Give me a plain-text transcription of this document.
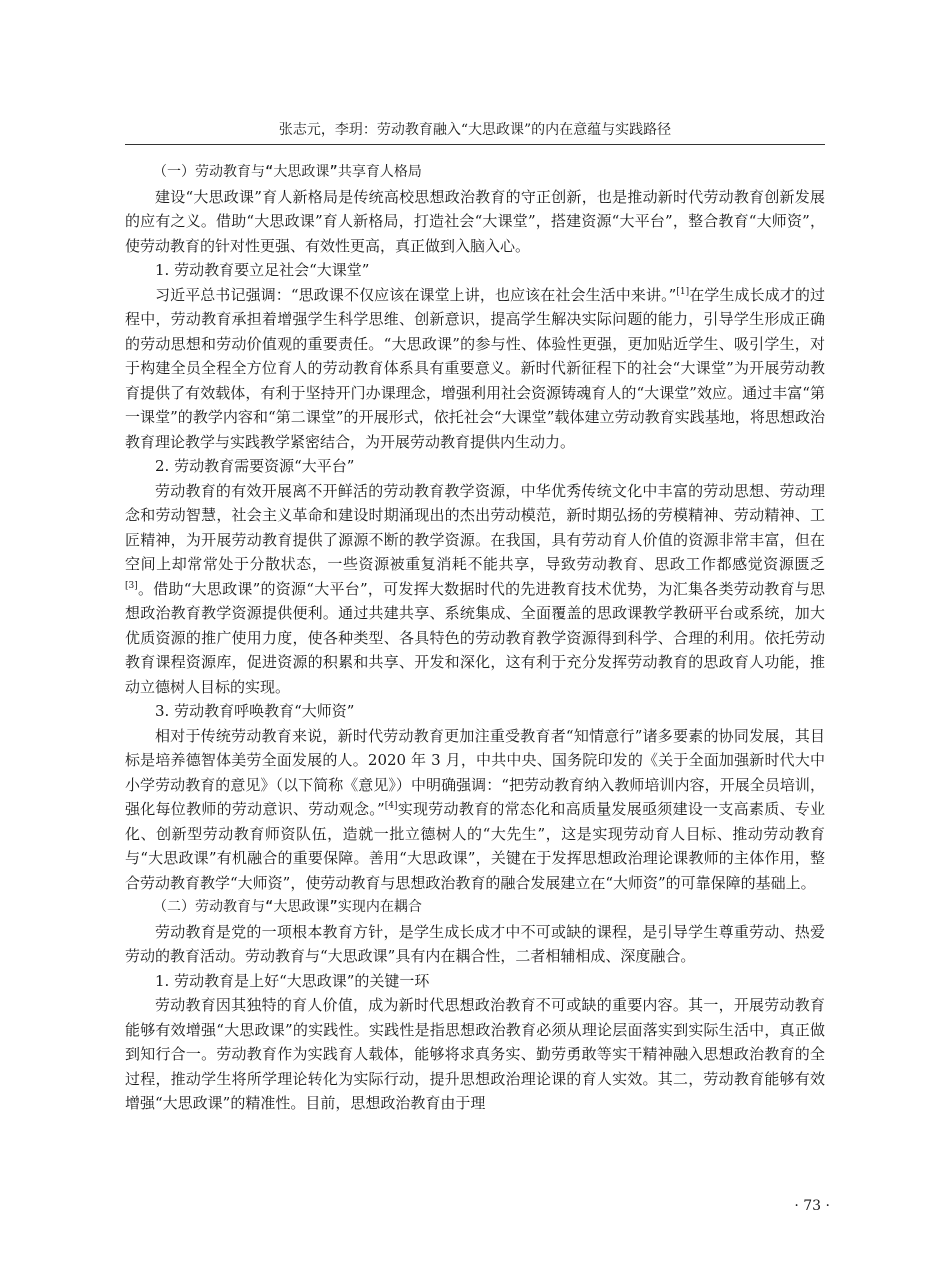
张志元，李玥：劳动教育融入“大思政课”的内在意蕴与实践路径
（一）劳动教育与“大思政课”共享育人格局

建设“大思政课”育人新格局是传统高校思想政治教育的守正创新，也是推动新时代劳动教育创新发展的应有之义。借助“大思政课”育人新格局，打造社会“大课堂”，搭建资源“大平台”，整合教育“大师资”，使劳动教育的针对性更强、有效性更高，真正做到入脑入心。

1. 劳动教育要立足社会“大课堂”

习近平总书记强调：“思政课不仅应该在课堂上讲，也应该在社会生活中来讲。”[1]在学生成长成才的过程中，劳动教育承担着增强学生科学思维、创新意识，提高学生解决实际问题的能力，引导学生形成正确的劳动思想和劳动价值观的重要责任。“大思政课”的参与性、体验性更强，更加贴近学生、吸引学生，对于构建全员全程全方位育人的劳动教育体系具有重要意义。新时代新征程下的社会“大课堂”为开展劳动教育提供了有效载体，有利于坚持开门办课理念，增强利用社会资源铸魂育人的“大课堂”效应。通过丰富“第一课堂”的教学内容和“第二课堂”的开展形式，依托社会“大课堂”载体建立劳动教育实践基地，将思想政治教育理论教学与实践教学紧密结合，为开展劳动教育提供内生动力。

2. 劳动教育需要资源“大平台”

劳动教育的有效开展离不开鲜活的劳动教育教学资源，中华优秀传统文化中丰富的劳动思想、劳动理念和劳动智慧，社会主义革命和建设时期涌现出的杰出劳动模范，新时期弘扬的劳模精神、劳动精神、工匠精神，为开展劳动教育提供了源源不断的教学资源。在我国，具有劳动育人价值的资源非常丰富，但在空间上却常常处于分散状态，一些资源被重复消耗不能共享，导致劳动教育、思政工作都感觉资源匮乏[3]。借助“大思政课”的资源“大平台”，可发挥大数据时代的先进教育技术优势，为汇集各类劳动教育与思想政治教育教学资源提供便利。通过共建共享、系统集成、全面覆盖的思政课教学教研平台或系统，加大优质资源的推广使用力度，使各种类型、各具特色的劳动教育教学资源得到科学、合理的利用。依托劳动教育课程资源库，促进资源的积累和共享、开发和深化，这有利于充分发挥劳动教育的思政育人功能，推动立德树人目标的实现。

3. 劳动教育呼唤教育“大师资”

相对于传统劳动教育来说，新时代劳动教育更加注重受教育者“知情意行”诸多要素的协同发展，其目标是培养德智体美劳全面发展的人。2020 年 3 月，中共中央、国务院印发的《关于全面加强新时代大中小学劳动教育的意见》（以下简称《意见》）中明确强调：“把劳动教育纳入教师培训内容，开展全员培训，强化每位教师的劳动意识、劳动观念。”[4]实现劳动教育的常态化和高质量发展亟须建设一支高素质、专业化、创新型劳动教育师资队伍，造就一批立德树人的“大先生”，这是实现劳动育人目标、推动劳动教育与“大思政课”有机融合的重要保障。善用“大思政课”，关键在于发挥思想政治理论课教师的主体作用，整合劳动教育教学“大师资”，使劳动教育与思想政治教育的融合发展建立在“大师资”的可靠保障的基础上。

（二）劳动教育与“大思政课”实现内在耦合

劳动教育是党的一项根本教育方针，是学生成长成才中不可或缺的课程，是引导学生尊重劳动、热爱劳动的教育活动。劳动教育与“大思政课”具有内在耦合性，二者相辅相成、深度融合。

1. 劳动教育是上好“大思政课”的关键一环

劳动教育因其独特的育人价值，成为新时代思想政治教育不可或缺的重要内容。其一，开展劳动教育能够有效增强“大思政课”的实践性。实践性是指思想政治教育必须从理论层面落实到实际生活中，真正做到知行合一。劳动教育作为实践育人载体，能够将求真务实、勤劳勇敢等实干精神融入思想政治教育的全过程，推动学生将所学理论转化为实际行动，提升思想政治理论课的育人实效。其二，劳动教育能够有效增强“大思政课”的精准性。目前，思想政治教育由于理

· 73 ·
